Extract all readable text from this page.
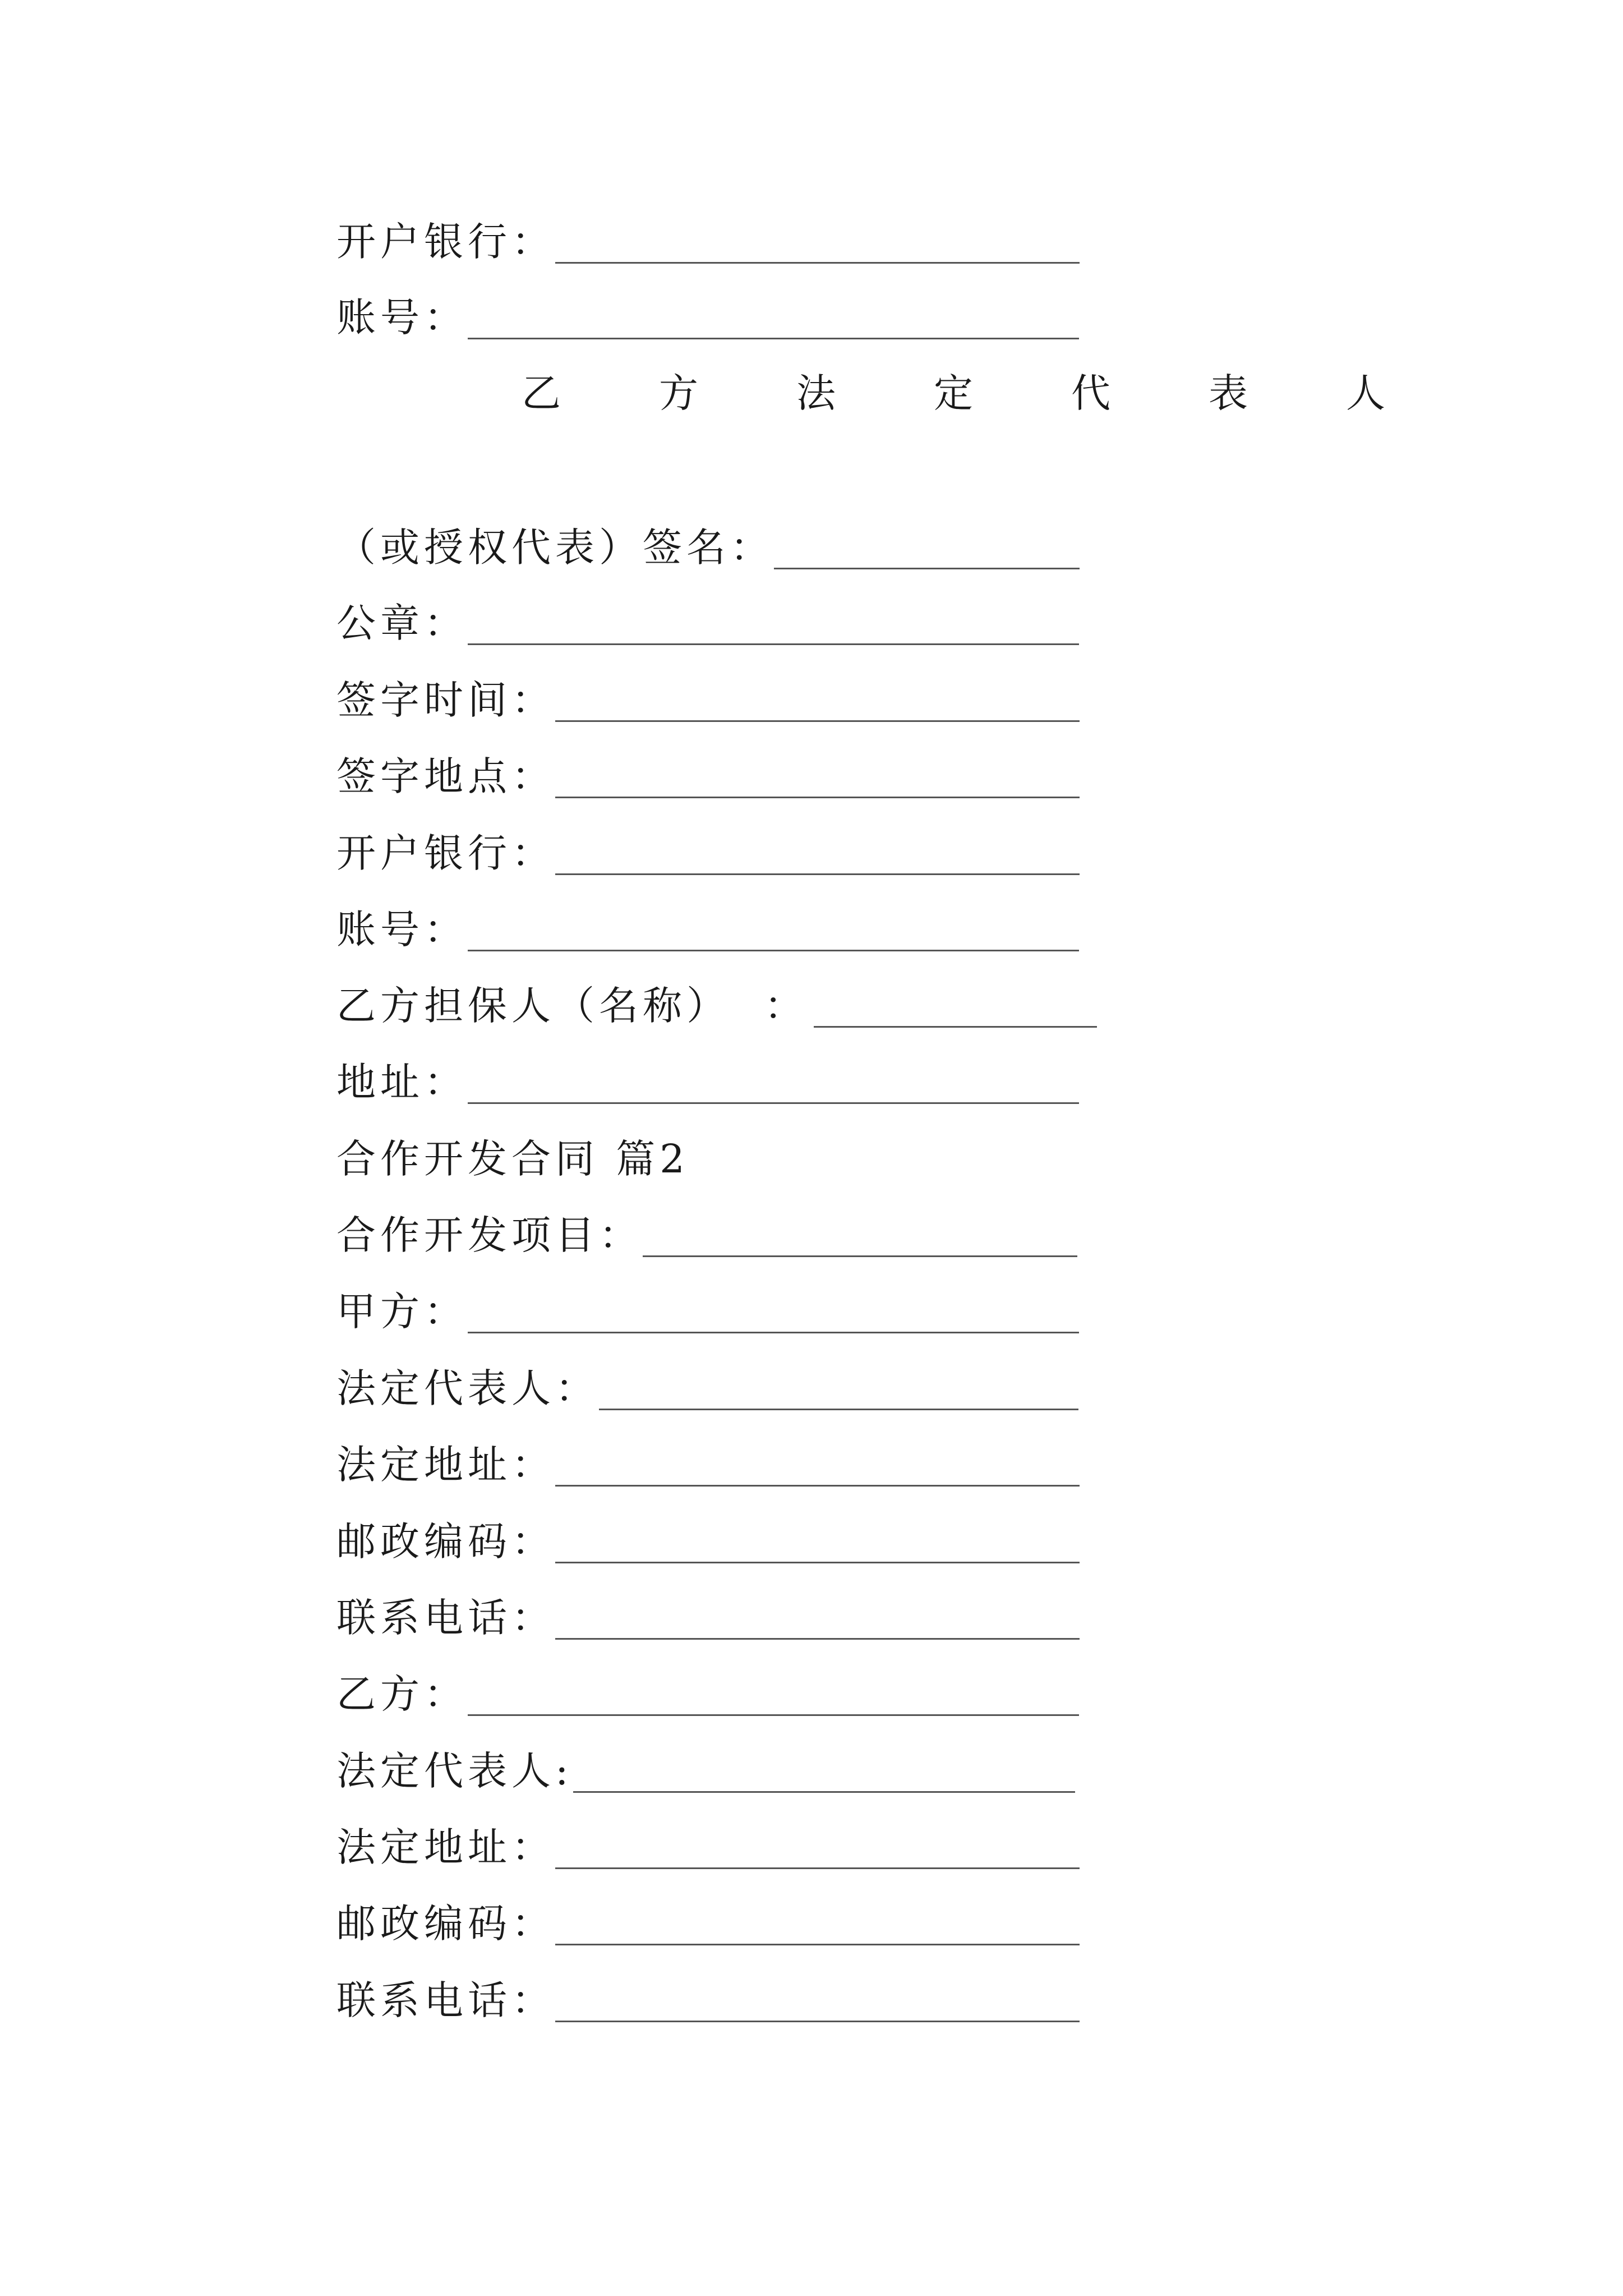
开户银行：
账号：
乙	方	法	定	代	表	人
（或授权代表）签名：
公章：
签字时间：
签字地点：
开户银行：
账号：
乙方担保人（名称）  ：
地址：
合作开发合同 篇2
合作开发项目：
甲方：
法定代表人：
法定地址：
邮政编码：
联系电话：
乙方：
法定代表人:
法定地址：
邮政编码：
联系电话：
